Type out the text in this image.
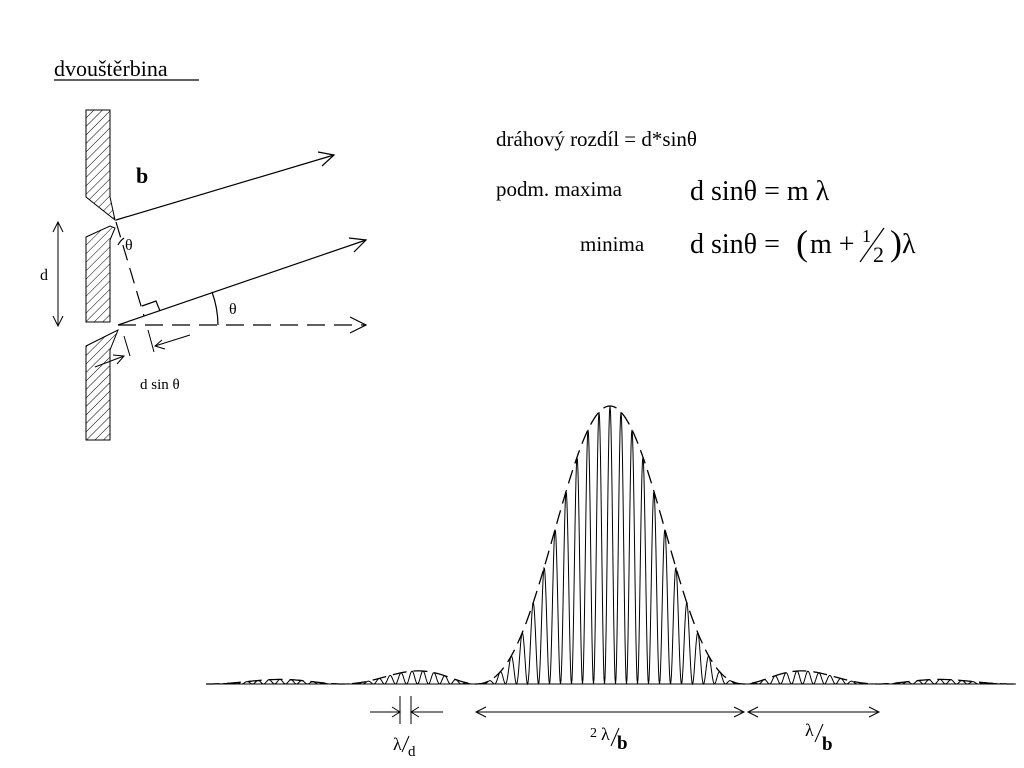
dvouštěrbina
dráhový rozdíl = d*sinθ
podm. maxima d sinθ = m λ
minima d sinθ = ( m + 1
2 ) λ
b
d
θ
θ
d sin θ
λ d
2 λ b
λ
b
